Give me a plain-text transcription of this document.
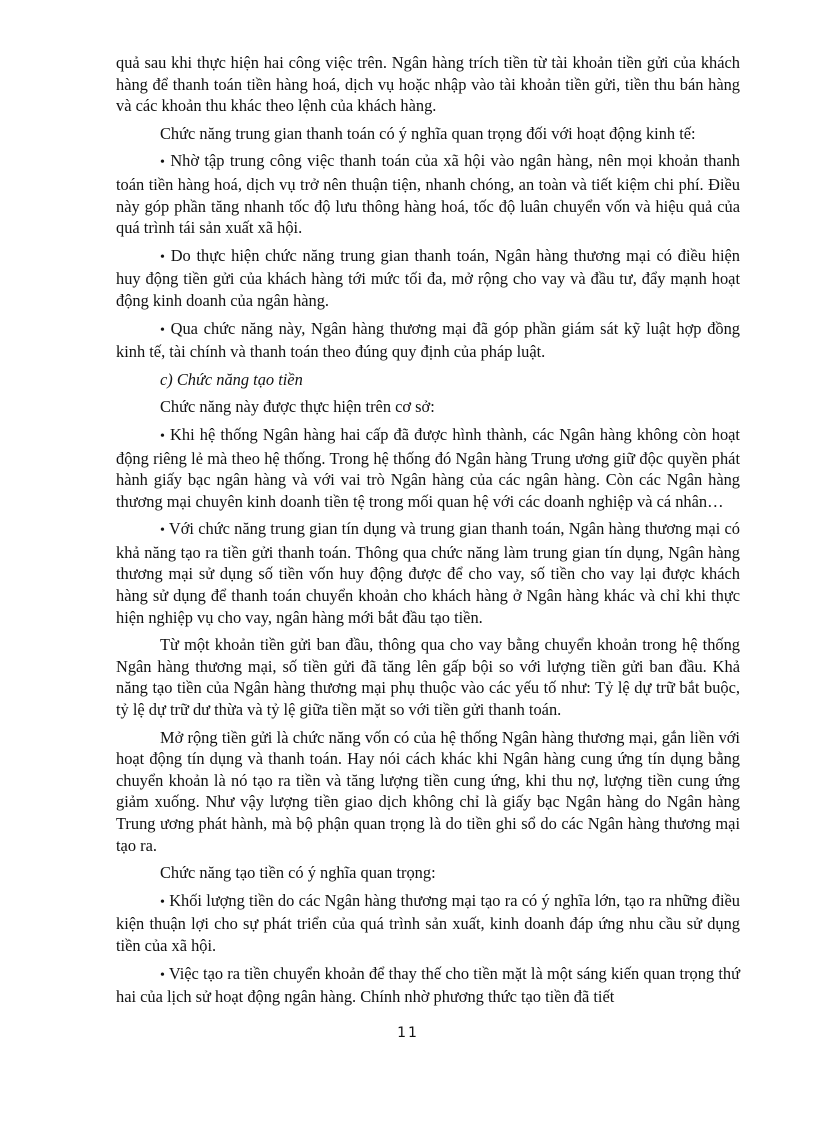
quả sau khi thực hiện hai công việc trên. Ngân hàng trích tiền từ tài khoản tiền gửi của khách hàng để thanh toán tiền hàng hoá, dịch vụ hoặc nhập vào tài khoản tiền gửi, tiền thu bán hàng và các khoản thu khác theo lệnh của khách hàng.

Chức năng trung gian thanh toán có ý nghĩa quan trọng đối với hoạt động kinh tế:

• Nhờ tập trung công việc thanh toán của xã hội vào ngân hàng, nên mọi khoản thanh toán tiền hàng hoá, dịch vụ trở nên thuận tiện, nhanh chóng, an toàn và tiết kiệm chi phí. Điều này góp phần tăng nhanh tốc độ lưu thông hàng hoá, tốc độ luân chuyển vốn và hiệu quả của quá trình tái sản xuất xã hội.

• Do thực hiện chức năng trung gian thanh toán, Ngân hàng thương mại có điều hiện huy động tiền gửi của khách hàng tới mức tối đa, mở rộng cho vay và đầu tư, đẩy mạnh hoạt động kinh doanh của ngân hàng.

• Qua chức năng này, Ngân hàng thương mại đã góp phần giám sát kỹ luật hợp đồng kinh tế, tài chính và thanh toán theo đúng quy định của pháp luật.

c) Chức năng tạo tiền

Chức năng này được thực hiện trên cơ sở:

• Khi hệ thống Ngân hàng hai cấp đã được hình thành, các Ngân hàng không còn hoạt động riêng lẻ mà theo hệ thống. Trong hệ thống đó Ngân hàng Trung ương giữ độc quyền phát hành giấy bạc ngân hàng và với vai trò Ngân hàng của các ngân hàng. Còn các Ngân hàng thương mại chuyên kinh doanh tiền tệ trong mối quan hệ với các doanh nghiệp và cá nhân…

• Với chức năng trung gian tín dụng và trung gian thanh toán, Ngân hàng thương mại có khả năng tạo ra tiền gửi thanh toán. Thông qua chức năng làm trung gian tín dụng, Ngân hàng thương mại sử dụng số tiền vốn huy động được để cho vay, số tiền cho vay lại được khách hàng sử dụng để thanh toán chuyển khoản cho khách hàng ở Ngân hàng khác và chỉ khi thực hiện nghiệp vụ cho vay, ngân hàng mới bắt đầu tạo tiền.

Từ một khoản tiền gửi ban đầu, thông qua cho vay bằng chuyển khoản trong hệ thống Ngân hàng thương mại, số tiền gửi đã tăng lên gấp bội so với lượng tiền gửi ban đầu. Khả năng tạo tiền của Ngân hàng thương mại phụ thuộc vào các yếu tố như: Tỷ lệ dự trữ bắt buộc, tỷ lệ dự trữ dư thừa và tỷ lệ giữa tiền mặt so với tiền gửi thanh toán.

Mở rộng tiền gửi là chức năng vốn có của hệ thống Ngân hàng thương mại, gắn liền với hoạt động tín dụng và thanh toán. Hay nói cách khác khi Ngân hàng cung ứng tín dụng bằng chuyển khoản là nó tạo ra tiền và tăng lượng tiền cung ứng, khi thu nợ, lượng tiền cung ứng giảm xuống. Như vậy lượng tiền giao dịch không chỉ là giấy bạc Ngân hàng do Ngân hàng Trung ương phát hành, mà bộ phận quan trọng là do tiền ghi sổ do các Ngân hàng thương mại tạo ra.

Chức năng tạo tiền có ý nghĩa quan trọng:

• Khối lượng tiền do các Ngân hàng thương mại tạo ra có ý nghĩa lớn, tạo ra những điều kiện thuận lợi cho sự phát triển của quá trình sản xuất, kinh doanh đáp ứng nhu cầu sử dụng tiền của xã hội.

• Việc tạo ra tiền chuyển khoản để thay thế cho tiền mặt là một sáng kiến quan trọng thứ hai của lịch sử hoạt động ngân hàng. Chính nhờ phương thức tạo tiền đã tiết

11
